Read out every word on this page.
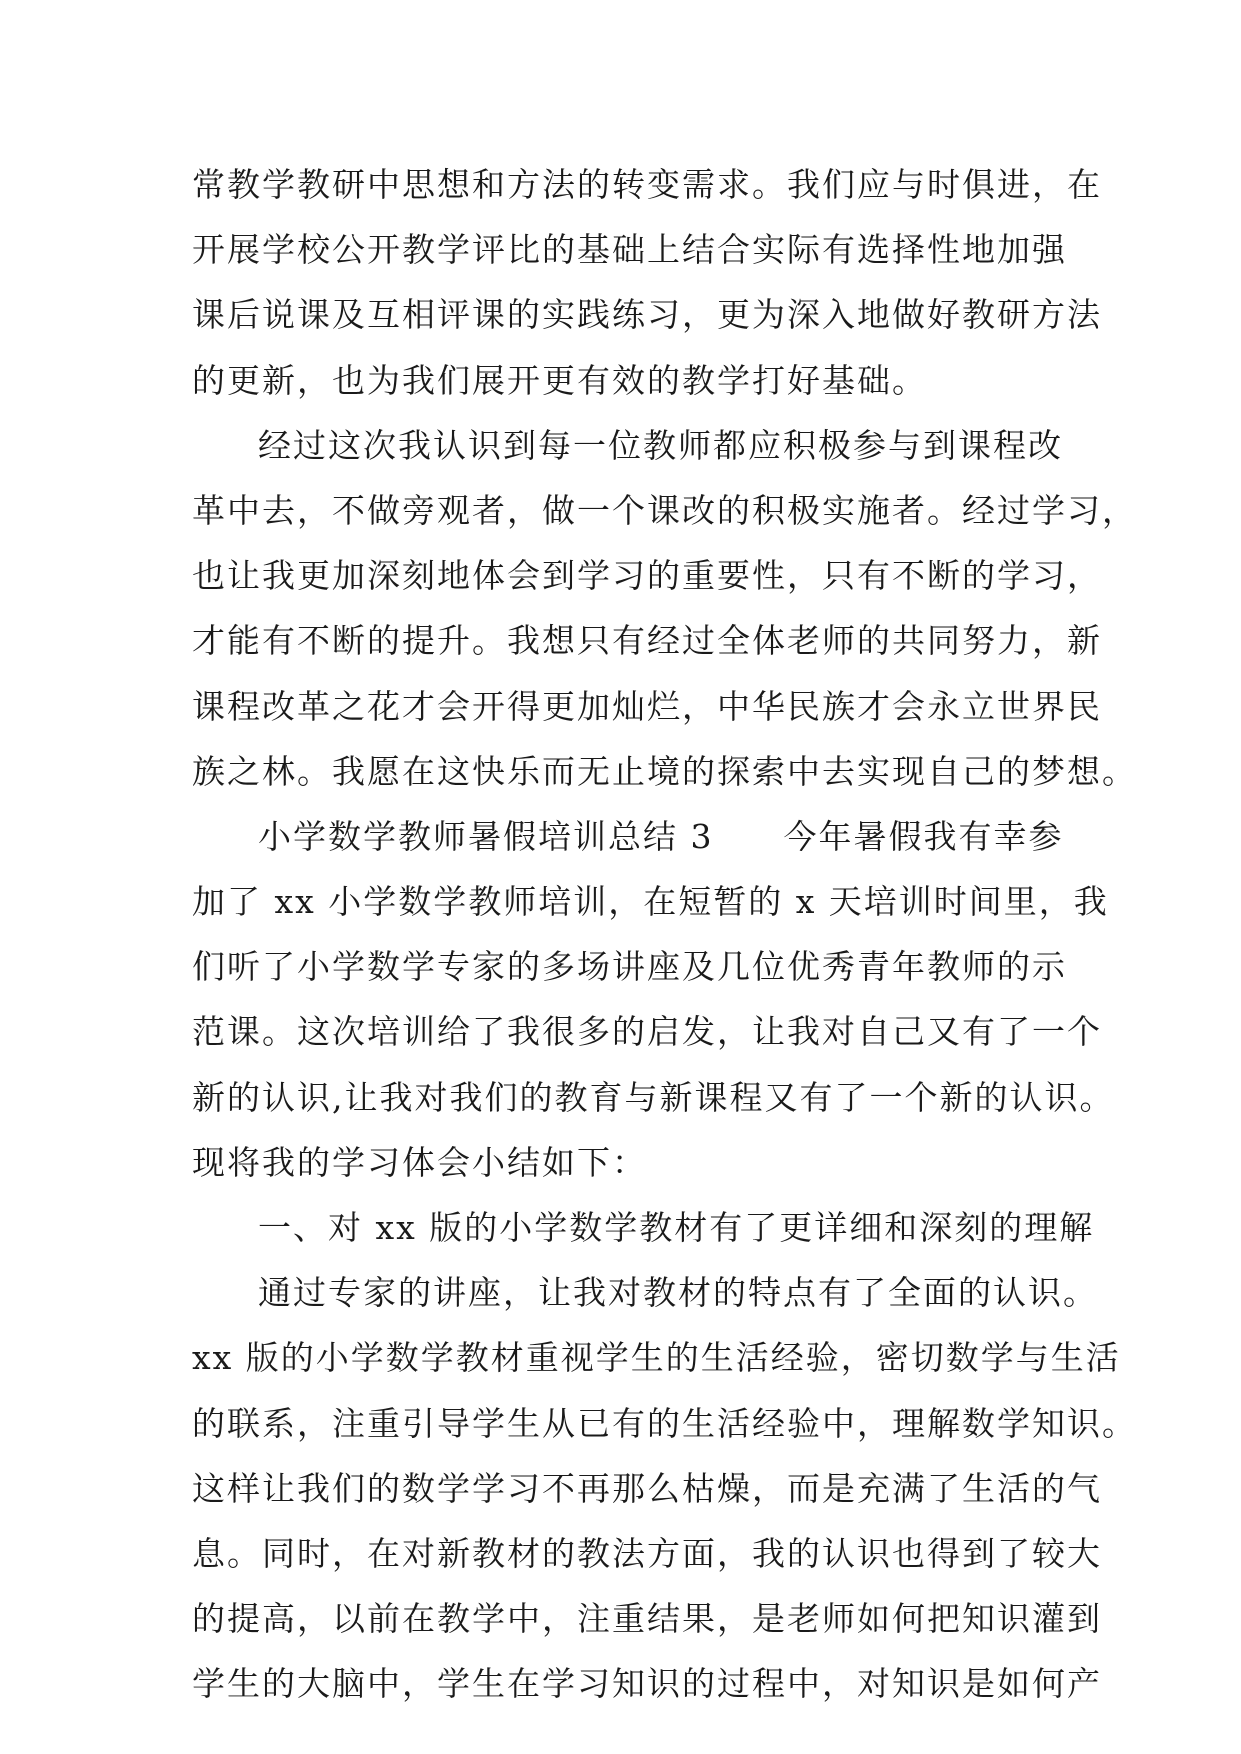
常教学教研中思想和方法的转变需求。我们应与时俱进，在
开展学校公开教学评比的基础上结合实际有选择性地加强
课后说课及互相评课的实践练习，更为深入地做好教研方法
的更新，也为我们展开更有效的教学打好基础。
经过这次我认识到每一位教师都应积极参与到课程改
革中去，不做旁观者，做一个课改的积极实施者。经过学习，
也让我更加深刻地体会到学习的重要性，只有不断的学习，
才能有不断的提升。我想只有经过全体老师的共同努力，新
课程改革之花才会开得更加灿烂，中华民族才会永立世界民
族之林。我愿在这快乐而无止境的探索中去实现自己的梦想。
小学数学教师暑假培训总结 3　　今年暑假我有幸参
加了 xx 小学数学教师培训，在短暂的 x 天培训时间里，我
们听了小学数学专家的多场讲座及几位优秀青年教师的示
范课。这次培训给了我很多的启发，让我对自己又有了一个
新的认识,让我对我们的教育与新课程又有了一个新的认识。
现将我的学习体会小结如下：
一、对 xx 版的小学数学教材有了更详细和深刻的理解
通过专家的讲座，让我对教材的特点有了全面的认识。
xx 版的小学数学教材重视学生的生活经验，密切数学与生活
的联系，注重引导学生从已有的生活经验中，理解数学知识。
这样让我们的数学学习不再那么枯燥，而是充满了生活的气
息。同时，在对新教材的教法方面，我的认识也得到了较大
的提高，以前在教学中，注重结果，是老师如何把知识灌到
学生的大脑中，学生在学习知识的过程中，对知识是如何产
